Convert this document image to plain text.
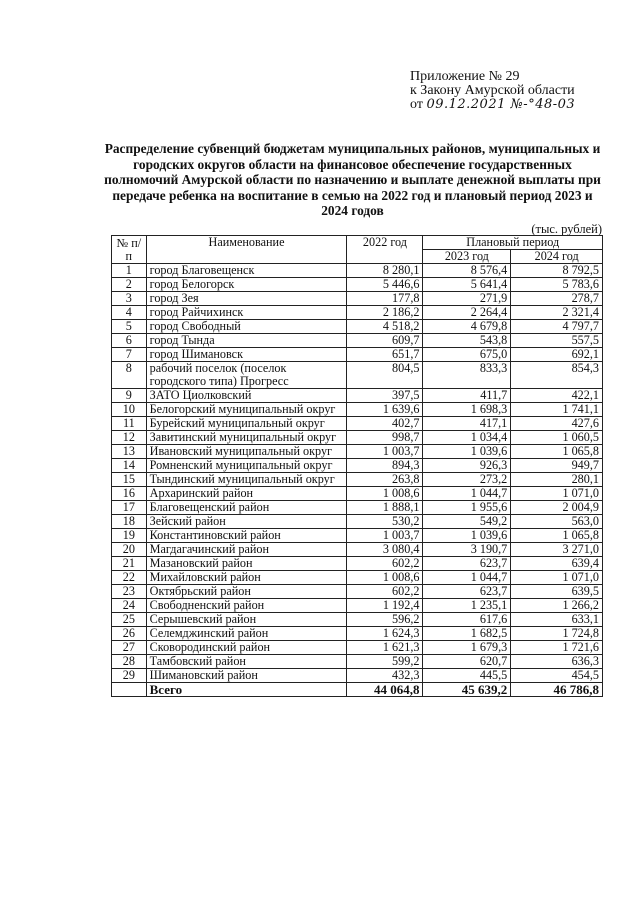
Приложение № 29
к Закону Амурской области
от 09.12.2021 №-°48-03
Распределение субвенций бюджетам муниципальных районов, муниципальных и городских округов области на финансовое обеспечение государственных полномочий Амурской области по назначению и выплате денежной выплаты при передаче ребенка на воспитание в семью на 2022 год и плановый период 2023 и 2024 годов
(тыс. рублей)
№ п/п	Наименование	2022 год	Плановый период	
			2023 год	2024 год
1	город Благовещенск	8 280,1	8 576,4	8 792,5
2	город Белогорск	5 446,6	5 641,4	5 783,6
3	город Зея	177,8	271,9	278,7
4	город Райчихинск	2 186,2	2 264,4	2 321,4
5	город Свободный	4 518,2	4 679,8	4 797,7
6	город Тында	609,7	543,8	557,5
7	город Шимановск	651,7	675,0	692,1
8	рабочий поселок (поселок городского типа) Прогресс	804,5	833,3	854,3
9	ЗАТО Циолковский	397,5	411,7	422,1
10	Белогорский муниципальный округ	1 639,6	1 698,3	1 741,1
11	Бурейский муниципальный округ	402,7	417,1	427,6
12	Завитинский муниципальный округ	998,7	1 034,4	1 060,5
13	Ивановский муниципальный округ	1 003,7	1 039,6	1 065,8
14	Ромненский муниципальный округ	894,3	926,3	949,7
15	Тындинский муниципальный округ	263,8	273,2	280,1
16	Архаринский район	1 008,6	1 044,7	1 071,0
17	Благовещенский район	1 888,1	1 955,6	2 004,9
18	Зейский район	530,2	549,2	563,0
19	Константиновский район	1 003,7	1 039,6	1 065,8
20	Магдагачинский район	3 080,4	3 190,7	3 271,0
21	Мазановский район	602,2	623,7	639,4
22	Михайловский район	1 008,6	1 044,7	1 071,0
23	Октябрьский район	602,2	623,7	639,5
24	Свободненский район	1 192,4	1 235,1	1 266,2
25	Серышевский район	596,2	617,6	633,1
26	Селемджинский район	1 624,3	1 682,5	1 724,8
27	Сковородинский район	1 621,3	1 679,3	1 721,6
28	Тамбовский район	599,2	620,7	636,3
29	Шимановский район	432,3	445,5	454,5
	Всего	44 064,8	45 639,2	46 786,8
